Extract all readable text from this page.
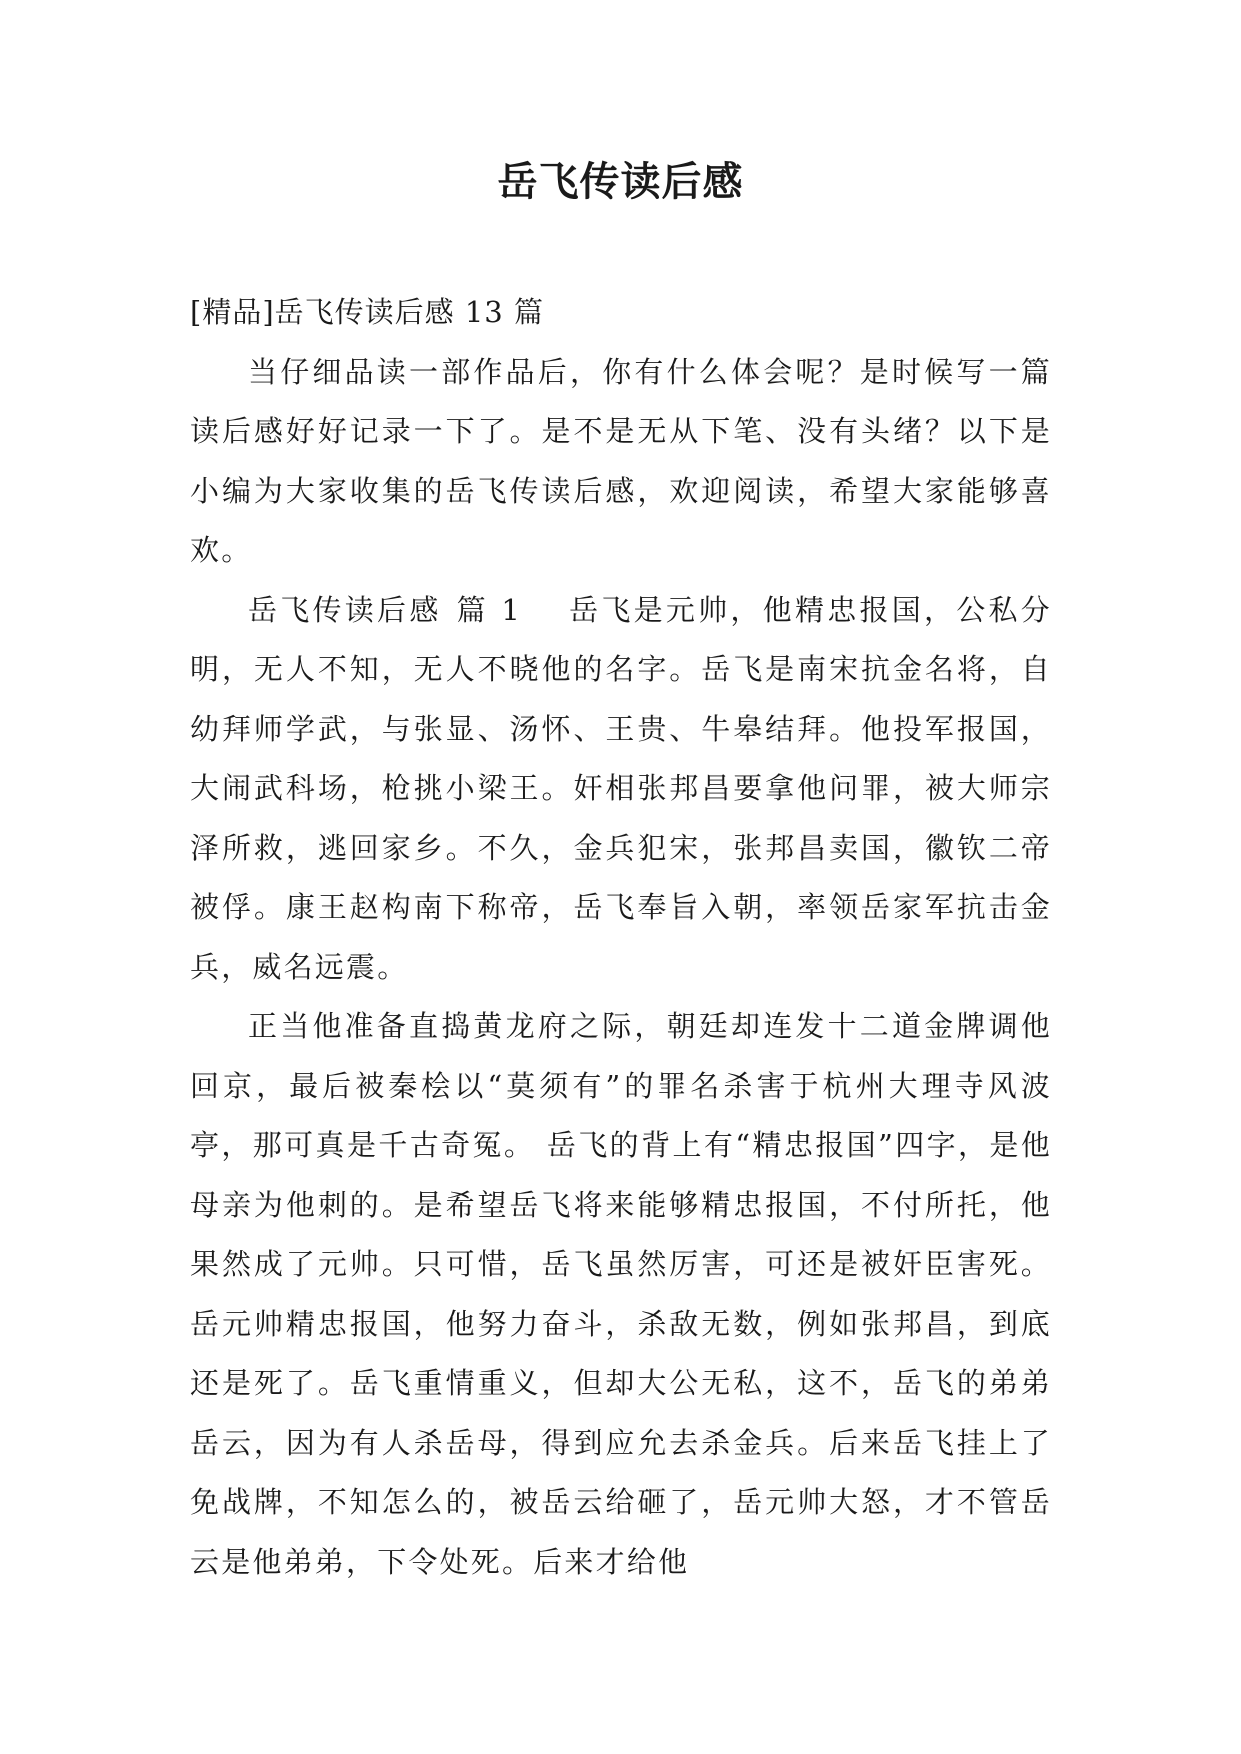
岳飞传读后感

[精品]岳飞传读后感 13 篇

当仔细品读一部作品后，你有什么体会呢？是时候写一篇读后感好好记录一下了。是不是无从下笔、没有头绪？以下是小编为大家收集的岳飞传读后感，欢迎阅读，希望大家能够喜欢。

岳飞传读后感 篇 1 岳飞是元帅，他精忠报国，公私分明，无人不知，无人不晓他的名字。岳飞是南宋抗金名将，自幼拜师学武，与张显、汤怀、王贵、牛皋结拜。他投军报国，大闹武科场，枪挑小梁王。奸相张邦昌要拿他问罪，被大师宗泽所救，逃回家乡。不久，金兵犯宋，张邦昌卖国，徽钦二帝被俘。康王赵构南下称帝，岳飞奉旨入朝，率领岳家军抗击金兵，威名远震。

正当他准备直捣黄龙府之际，朝廷却连发十二道金牌调他回京，最后被秦桧以“莫须有”的罪名杀害于杭州大理寺风波亭，那可真是千古奇冤。 岳飞的背上有“精忠报国”四字，是他母亲为他刺的。是希望岳飞将来能够精忠报国，不付所托，他果然成了元帅。只可惜，岳飞虽然厉害，可还是被奸臣害死。 岳元帅精忠报国，他努力奋斗，杀敌无数，例如张邦昌，到底还是死了。岳飞重情重义，但却大公无私，这不，岳飞的弟弟岳云，因为有人杀岳母，得到应允去杀金兵。后来岳飞挂上了免战牌，不知怎么的，被岳云给砸了，岳元帅大怒，才不管岳云是他弟弟，下令处死。后来才给他
